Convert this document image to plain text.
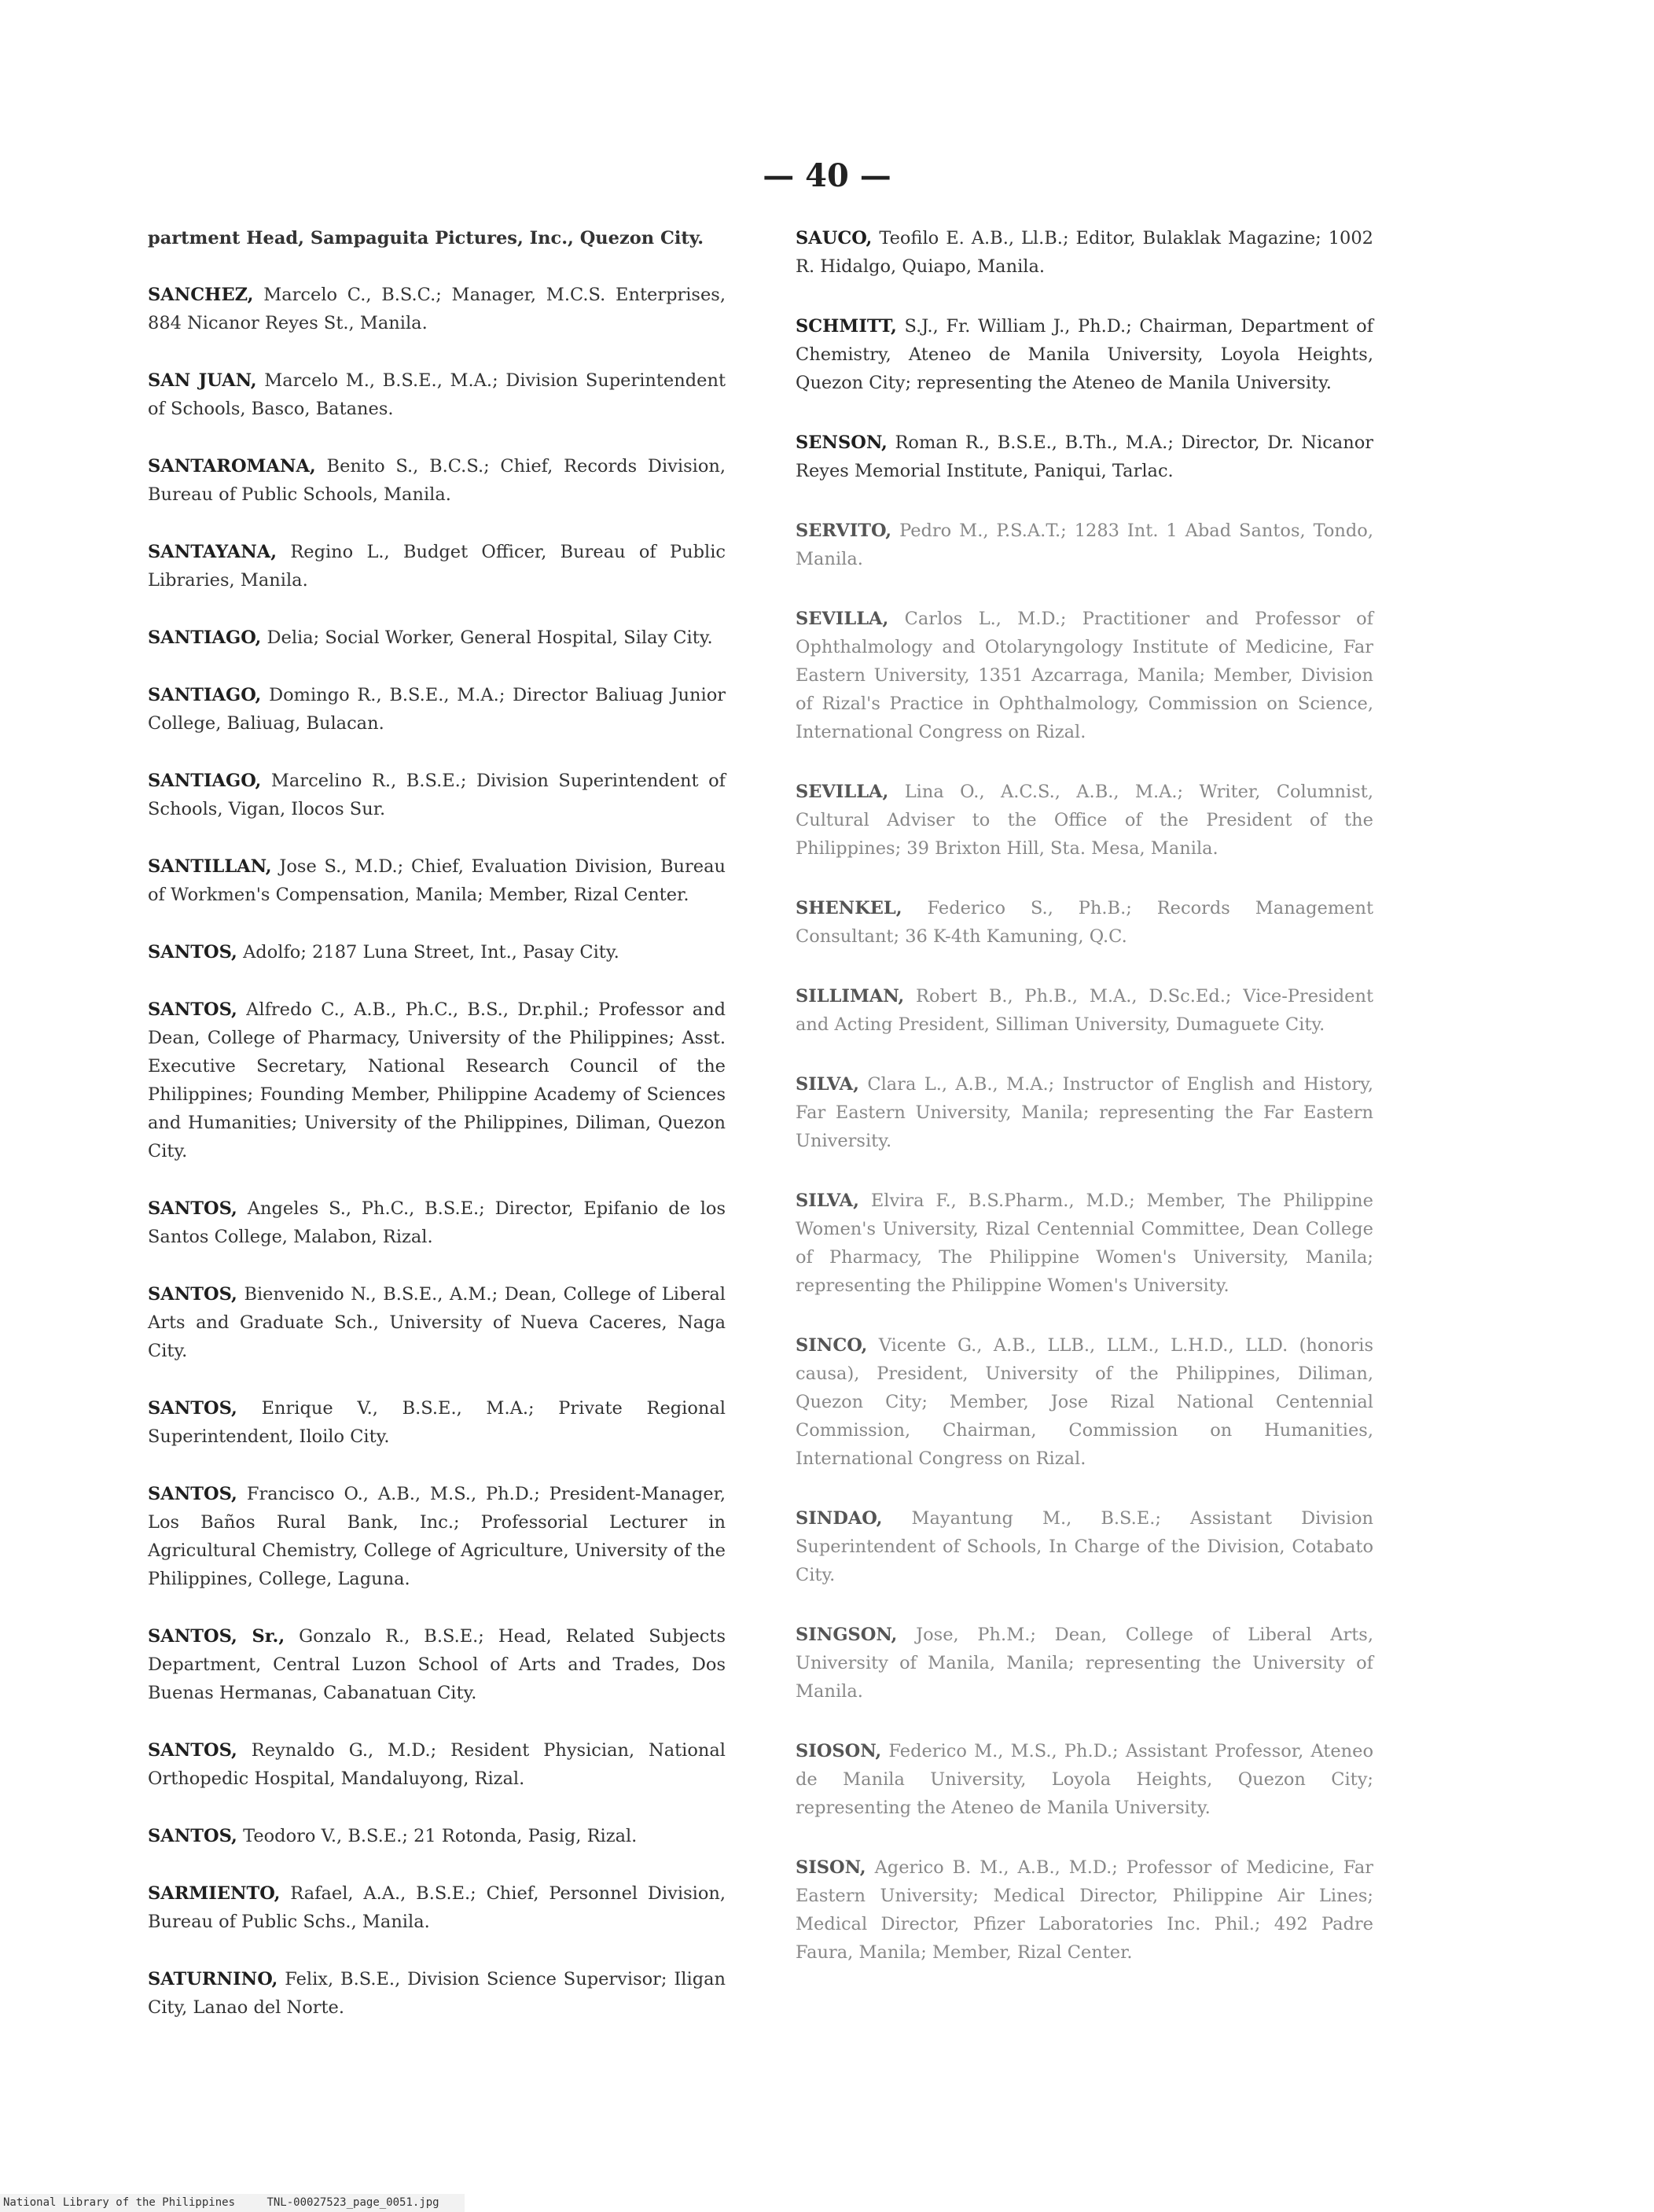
— 40 —

partment Head, Sampaguita Pictures, Inc., Quezon City.

SANCHEZ, Marcelo C., B.S.C.; Manager, M.C.S. Enterprises, 884 Nicanor Reyes St., Manila.

SAN JUAN, Marcelo M., B.S.E., M.A.; Division Superintendent of Schools, Basco, Batanes.

SANTAROMANA, Benito S., B.C.S.; Chief, Records Division, Bureau of Public Schools, Manila.

SANTAYANA, Regino L., Budget Officer, Bureau of Public Libraries, Manila.

SANTIAGO, Delia; Social Worker, General Hospital, Silay City.

SANTIAGO, Domingo R., B.S.E., M.A.; Director Baliuag Junior College, Baliuag, Bulacan.

SANTIAGO, Marcelino R., B.S.E.; Division Superintendent of Schools, Vigan, Ilocos Sur.

SANTILLAN, Jose S., M.D.; Chief, Evaluation Division, Bureau of Workmen's Compensation, Manila; Member, Rizal Center.

SANTOS, Adolfo; 2187 Luna Street, Int., Pasay City.

SANTOS, Alfredo C., A.B., Ph.C., B.S., Dr.phil.; Professor and Dean, College of Pharmacy, University of the Philippines; Asst. Executive Secretary, National Research Council of the Philippines; Founding Member, Philippine Academy of Sciences and Humanities; University of the Philippines, Diliman, Quezon City.

SANTOS, Angeles S., Ph.C., B.S.E.; Director, Epifanio de los Santos College, Malabon, Rizal.

SANTOS, Bienvenido N., B.S.E., A.M.; Dean, College of Liberal Arts and Graduate Sch., University of Nueva Caceres, Naga City.

SANTOS, Enrique V., B.S.E., M.A.; Private Regional Superintendent, Iloilo City.

SANTOS, Francisco O., A.B., M.S., Ph.D.; President-Manager, Los Baños Rural Bank, Inc.; Professorial Lecturer in Agricultural Chemistry, College of Agriculture, University of the Philippines, College, Laguna.

SANTOS, Sr., Gonzalo R., B.S.E.; Head, Related Subjects Department, Central Luzon School of Arts and Trades, Dos Buenas Hermanas, Cabanatuan City.

SANTOS, Reynaldo G., M.D.; Resident Physician, National Orthopedic Hospital, Mandaluyong, Rizal.

SANTOS, Teodoro V., B.S.E.; 21 Rotonda, Pasig, Rizal.

SARMIENTO, Rafael, A.A., B.S.E.; Chief, Personnel Division, Bureau of Public Schs., Manila.

SATURNINO, Felix, B.S.E., Division Science Supervisor; Iligan City, Lanao del Norte.

SAUCO, Teofilo E. A.B., Ll.B.; Editor, Bulaklak Magazine; 1002 R. Hidalgo, Quiapo, Manila.

SCHMITT, S.J., Fr. William J., Ph.D.; Chairman, Department of Chemistry, Ateneo de Manila University, Loyola Heights, Quezon City; representing the Ateneo de Manila University.

SENSON, Roman R., B.S.E., B.Th., M.A.; Director, Dr. Nicanor Reyes Memorial Institute, Paniqui, Tarlac.

SERVITO, Pedro M., P.S.A.T.; 1283 Int. 1 Abad Santos, Tondo, Manila.

SEVILLA, Carlos L., M.D.; Practitioner and Professor of Ophthalmology and Otolaryngology Institute of Medicine, Far Eastern University, 1351 Azcarraga, Manila; Member, Division of Rizal's Practice in Ophthalmology, Commission on Science, International Congress on Rizal.

SEVILLA, Lina O., A.C.S., A.B., M.A.; Writer, Columnist, Cultural Adviser to the Office of the President of the Philippines; 39 Brixton Hill, Sta. Mesa, Manila.

SHENKEL, Federico S., Ph.B.; Records Management Consultant; 36 K-4th Kamuning, Q.C.

SILLIMAN, Robert B., Ph.B., M.A., D.Sc.Ed.; Vice-President and Acting President, Silliman University, Dumaguete City.

SILVA, Clara L., A.B., M.A.; Instructor of English and History, Far Eastern University, Manila; representing the Far Eastern University.

SILVA, Elvira F., B.S.Pharm., M.D.; Member, The Philippine Women's University, Rizal Centennial Committee, Dean College of Pharmacy, The Philippine Women's University, Manila; representing the Philippine Women's University.

SINCO, Vicente G., A.B., LLB., LLM., L.H.D., LLD. (honoris causa), President, University of the Philippines, Diliman, Quezon City; Member, Jose Rizal National Centennial Commission, Chairman, Commission on Humanities, International Congress on Rizal.

SINDAO, Mayantung M., B.S.E.; Assistant Division Superintendent of Schools, In Charge of the Division, Cotabato City.

SINGSON, Jose, Ph.M.; Dean, College of Liberal Arts, University of Manila, Manila; representing the University of Manila.

SIOSON, Federico M., M.S., Ph.D.; Assistant Professor, Ateneo de Manila University, Loyola Heights, Quezon City; representing the Ateneo de Manila University.

SISON, Agerico B. M., A.B., M.D.; Professor of Medicine, Far Eastern University; Medical Director, Philippine Air Lines; Medical Director, Pfizer Laboratories Inc. Phil.; 492 Padre Faura, Manila; Member, Rizal Center.

National Library of the Philippines	TNL-00027523_page_0051.jpg
